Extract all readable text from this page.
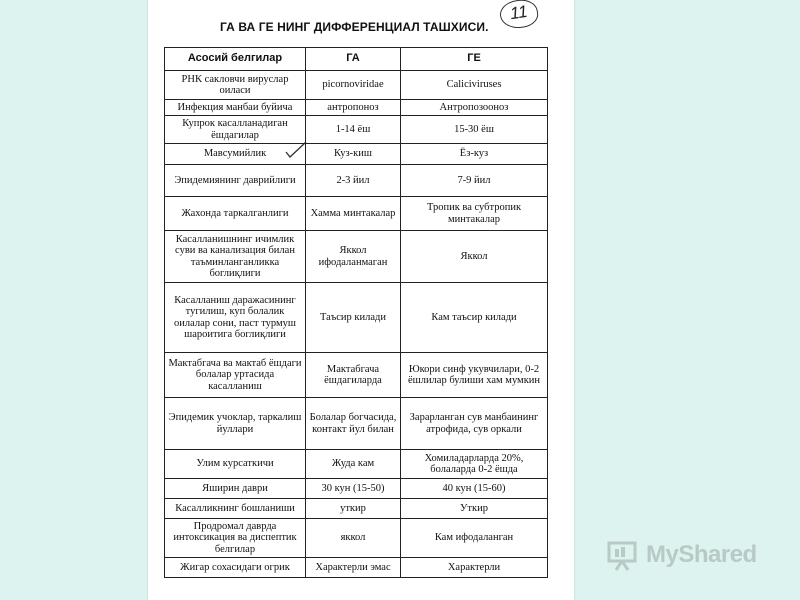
ГА ВА ГЕ НИНГ ДИФФЕРЕНЦИАЛ ТАШХИСИ.
11
Асосий белгилар	ГА	ГЕ
РНК сакловчи вируслар оиласи	picornoviridae	Caliciviruses
Инфекция манбаи буйича	антропоноз	Антропозооноз
Купрок касалланадиган ёшдагилар	1-14 ёш	15-30 ёш
Мавсумийлик	Куз-киш	Ёз-куз
Эпидемиянинг даврийлиги	2-3 йил	7-9 йил
Жахонда таркалганлиги	Хамма минтакалар	Тропик ва субтропик минтакалар
Касалланишнинг ичимлик суви ва канализация билан таъминланганликка боглиқлиги	Яккол ифодаланмаган	Яккол
Касалланиш даражасининг тугилиш, куп болалик оилалар сони, паст турмуш шароитига боглиқлиги	Таъсир килади	Кам таъсир килади
Мактабгача ва мактаб ёшдаги болалар уртасида касалланиш	Мактабгача ёшдагиларда	Юкори синф укувчилари, 0-2 ёшлилар булиши хам мумкин
Эпидемик учоклар, таркалиш йуллари	Болалар богчасида, контакт йул билан	Зарарланган сув манбаининг атрофида, сув оркали
Улим курсаткичи	Жуда кам	Хомиладарларда 20%, болаларда 0-2 ёшда
Яширин даври	30 кун (15-50)	40 кун (15-60)
Касалликнинг бошланиши	уткир	Уткир
Продромал даврда интоксикация ва диспептик белгилар	яккол	Кам ифодаланган
Жигар сохасидаги огрик	Характерли эмас	Характерли	MyShared
